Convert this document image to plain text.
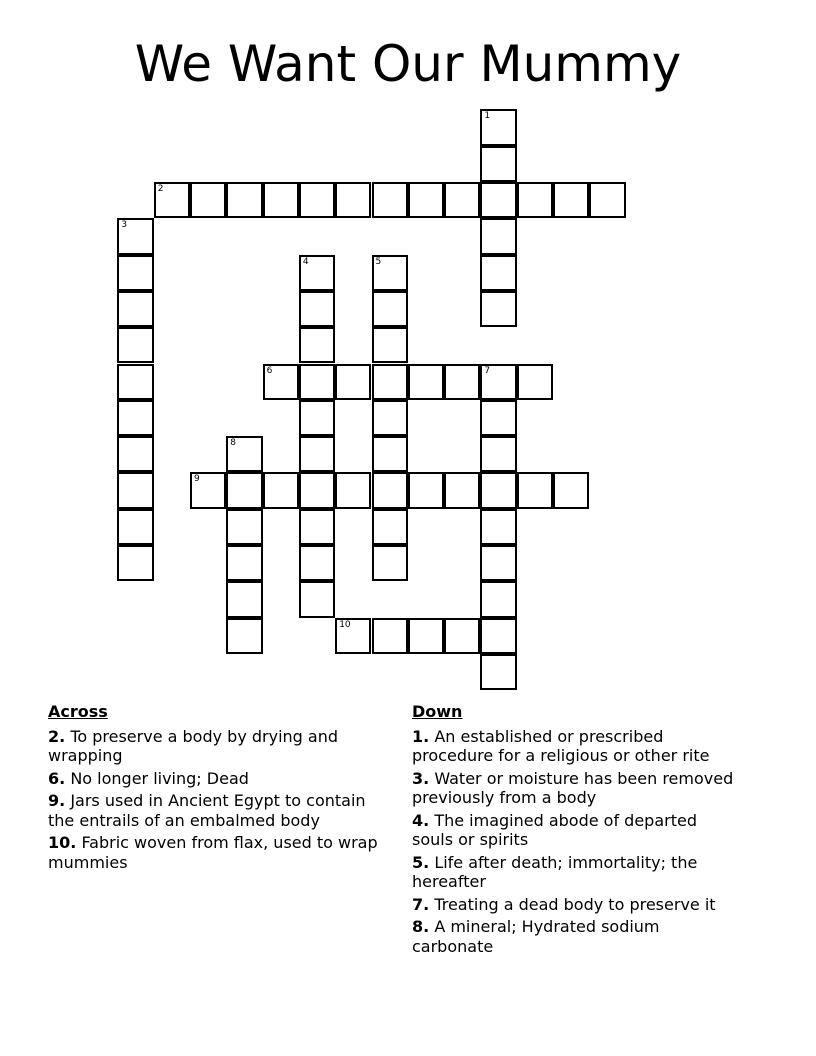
We Want Our Mummy
1
2
3
4	5
6	7
8
9
10
Across
2. To preserve a body by drying and wrapping
6. No longer living; Dead
9. Jars used in Ancient Egypt to contain the entrails of an embalmed body
10. Fabric woven from flax, used to wrap mummies
Down
1. An established or prescribed procedure for a religious or other rite
3. Water or moisture has been removed previously from a body
4. The imagined abode of departed souls or spirits
5. Life after death; immortality; the hereafter
7. Treating a dead body to preserve it
8. A mineral; Hydrated sodium carbonate
